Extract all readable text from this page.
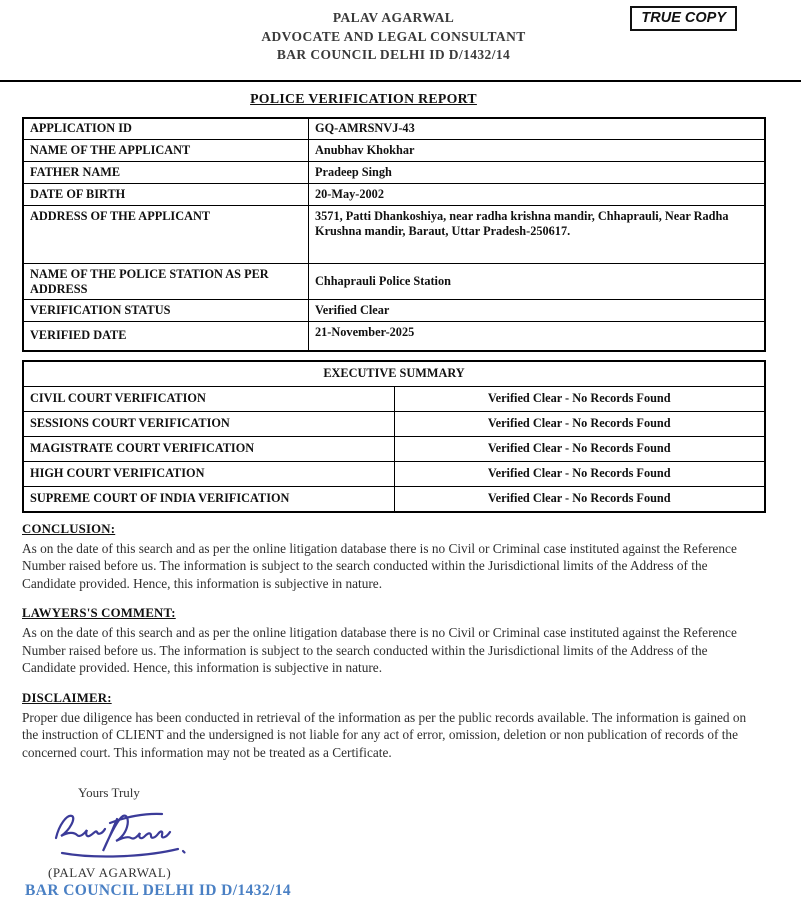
PALAV AGARWAL
ADVOCATE AND LEGAL CONSULTANT
BAR COUNCIL DELHI ID D/1432/14
TRUE COPY
POLICE VERIFICATION REPORT
APPLICATION ID	GQ-AMRSNVJ-43
NAME OF THE APPLICANT	Anubhav Khokhar
FATHER NAME	Pradeep Singh
DATE OF BIRTH	20-May-2002
ADDRESS OF THE APPLICANT	3571, Patti Dhankoshiya, near radha krishna mandir, Chhaprauli, Near Radha Krushna mandir, Baraut, Uttar Pradesh-250617.
NAME OF THE POLICE STATION AS PER ADDRESS	Chhaprauli Police Station
VERIFICATION STATUS	Verified Clear
VERIFIED DATE	21-November-2025
EXECUTIVE SUMMARY	
CIVIL COURT VERIFICATION	Verified Clear - No Records Found
SESSIONS COURT VERIFICATION	Verified Clear - No Records Found
MAGISTRATE COURT VERIFICATION	Verified Clear - No Records Found
HIGH COURT VERIFICATION	Verified Clear - No Records Found
SUPREME COURT OF INDIA VERIFICATION	Verified Clear - No Records Found
CONCLUSION:

As on the date of this search and as per the online litigation database there is no Civil or Criminal case instituted against the Reference Number raised before us. The information is subject to the search conducted within the Jurisdictional limits of the Address of the Candidate provided. Hence, this information is subjective in nature.

LAWYERS'S COMMENT:

As on the date of this search and as per the online litigation database there is no Civil or Criminal case instituted against the Reference Number raised before us. The information is subject to the search conducted within the Jurisdictional limits of the Address of the Candidate provided. Hence, this information is subjective in nature.

DISCLAIMER:

Proper due diligence has been conducted in retrieval of the information as per the public records available. The information is gained on the instruction of CLIENT and the undersigned is not liable for any act of error, omission, deletion or non publication of records of the concerned court. This information may not be treated as a Certificate.

Yours Truly
(PALAV AGARWAL)
BAR COUNCIL DELHI ID D/1432/14
